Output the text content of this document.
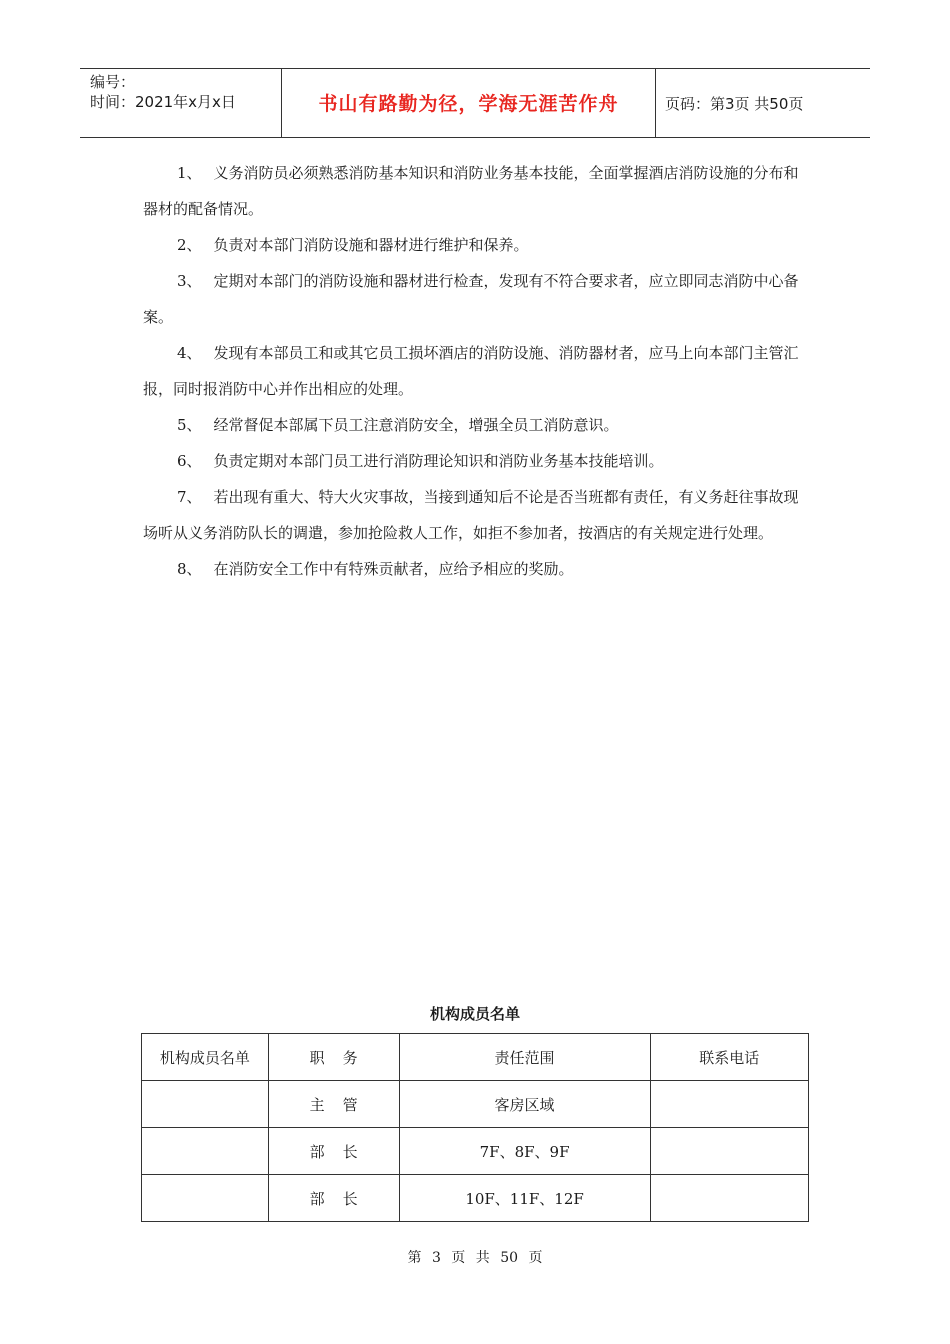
编号：
时间：2021年x月x日	书山有路勤为径，学海无涯苦作舟	页码：第3页 共50页

1、 义务消防员必须熟悉消防基本知识和消防业务基本技能，全面掌握酒店消防设施的分布和器材的配备情况。

2、 负责对本部门消防设施和器材进行维护和保养。

3、 定期对本部门的消防设施和器材进行检查，发现有不符合要求者，应立即同志消防中心备案。

4、 发现有本部员工和或其它员工损坏酒店的消防设施、消防器材者，应马上向本部门主管汇报，同时报消防中心并作出相应的处理。

5、 经常督促本部属下员工注意消防安全，增强全员工消防意识。

6、 负责定期对本部门员工进行消防理论知识和消防业务基本技能培训。

7、 若出现有重大、特大火灾事故，当接到通知后不论是否当班都有责任，有义务赶往事故现场听从义务消防队长的调遣，参加抢险救人工作，如拒不参加者，按酒店的有关规定进行处理。

8、 在消防安全工作中有特殊贡献者，应给予相应的奖励。

机构成员名单
机构成员名单	职务	责任范围	联系电话
	主管	客房区域	
	部长	7F、8F、9F	
	部长	10F、11F、12F	
第 3 页 共 50 页
